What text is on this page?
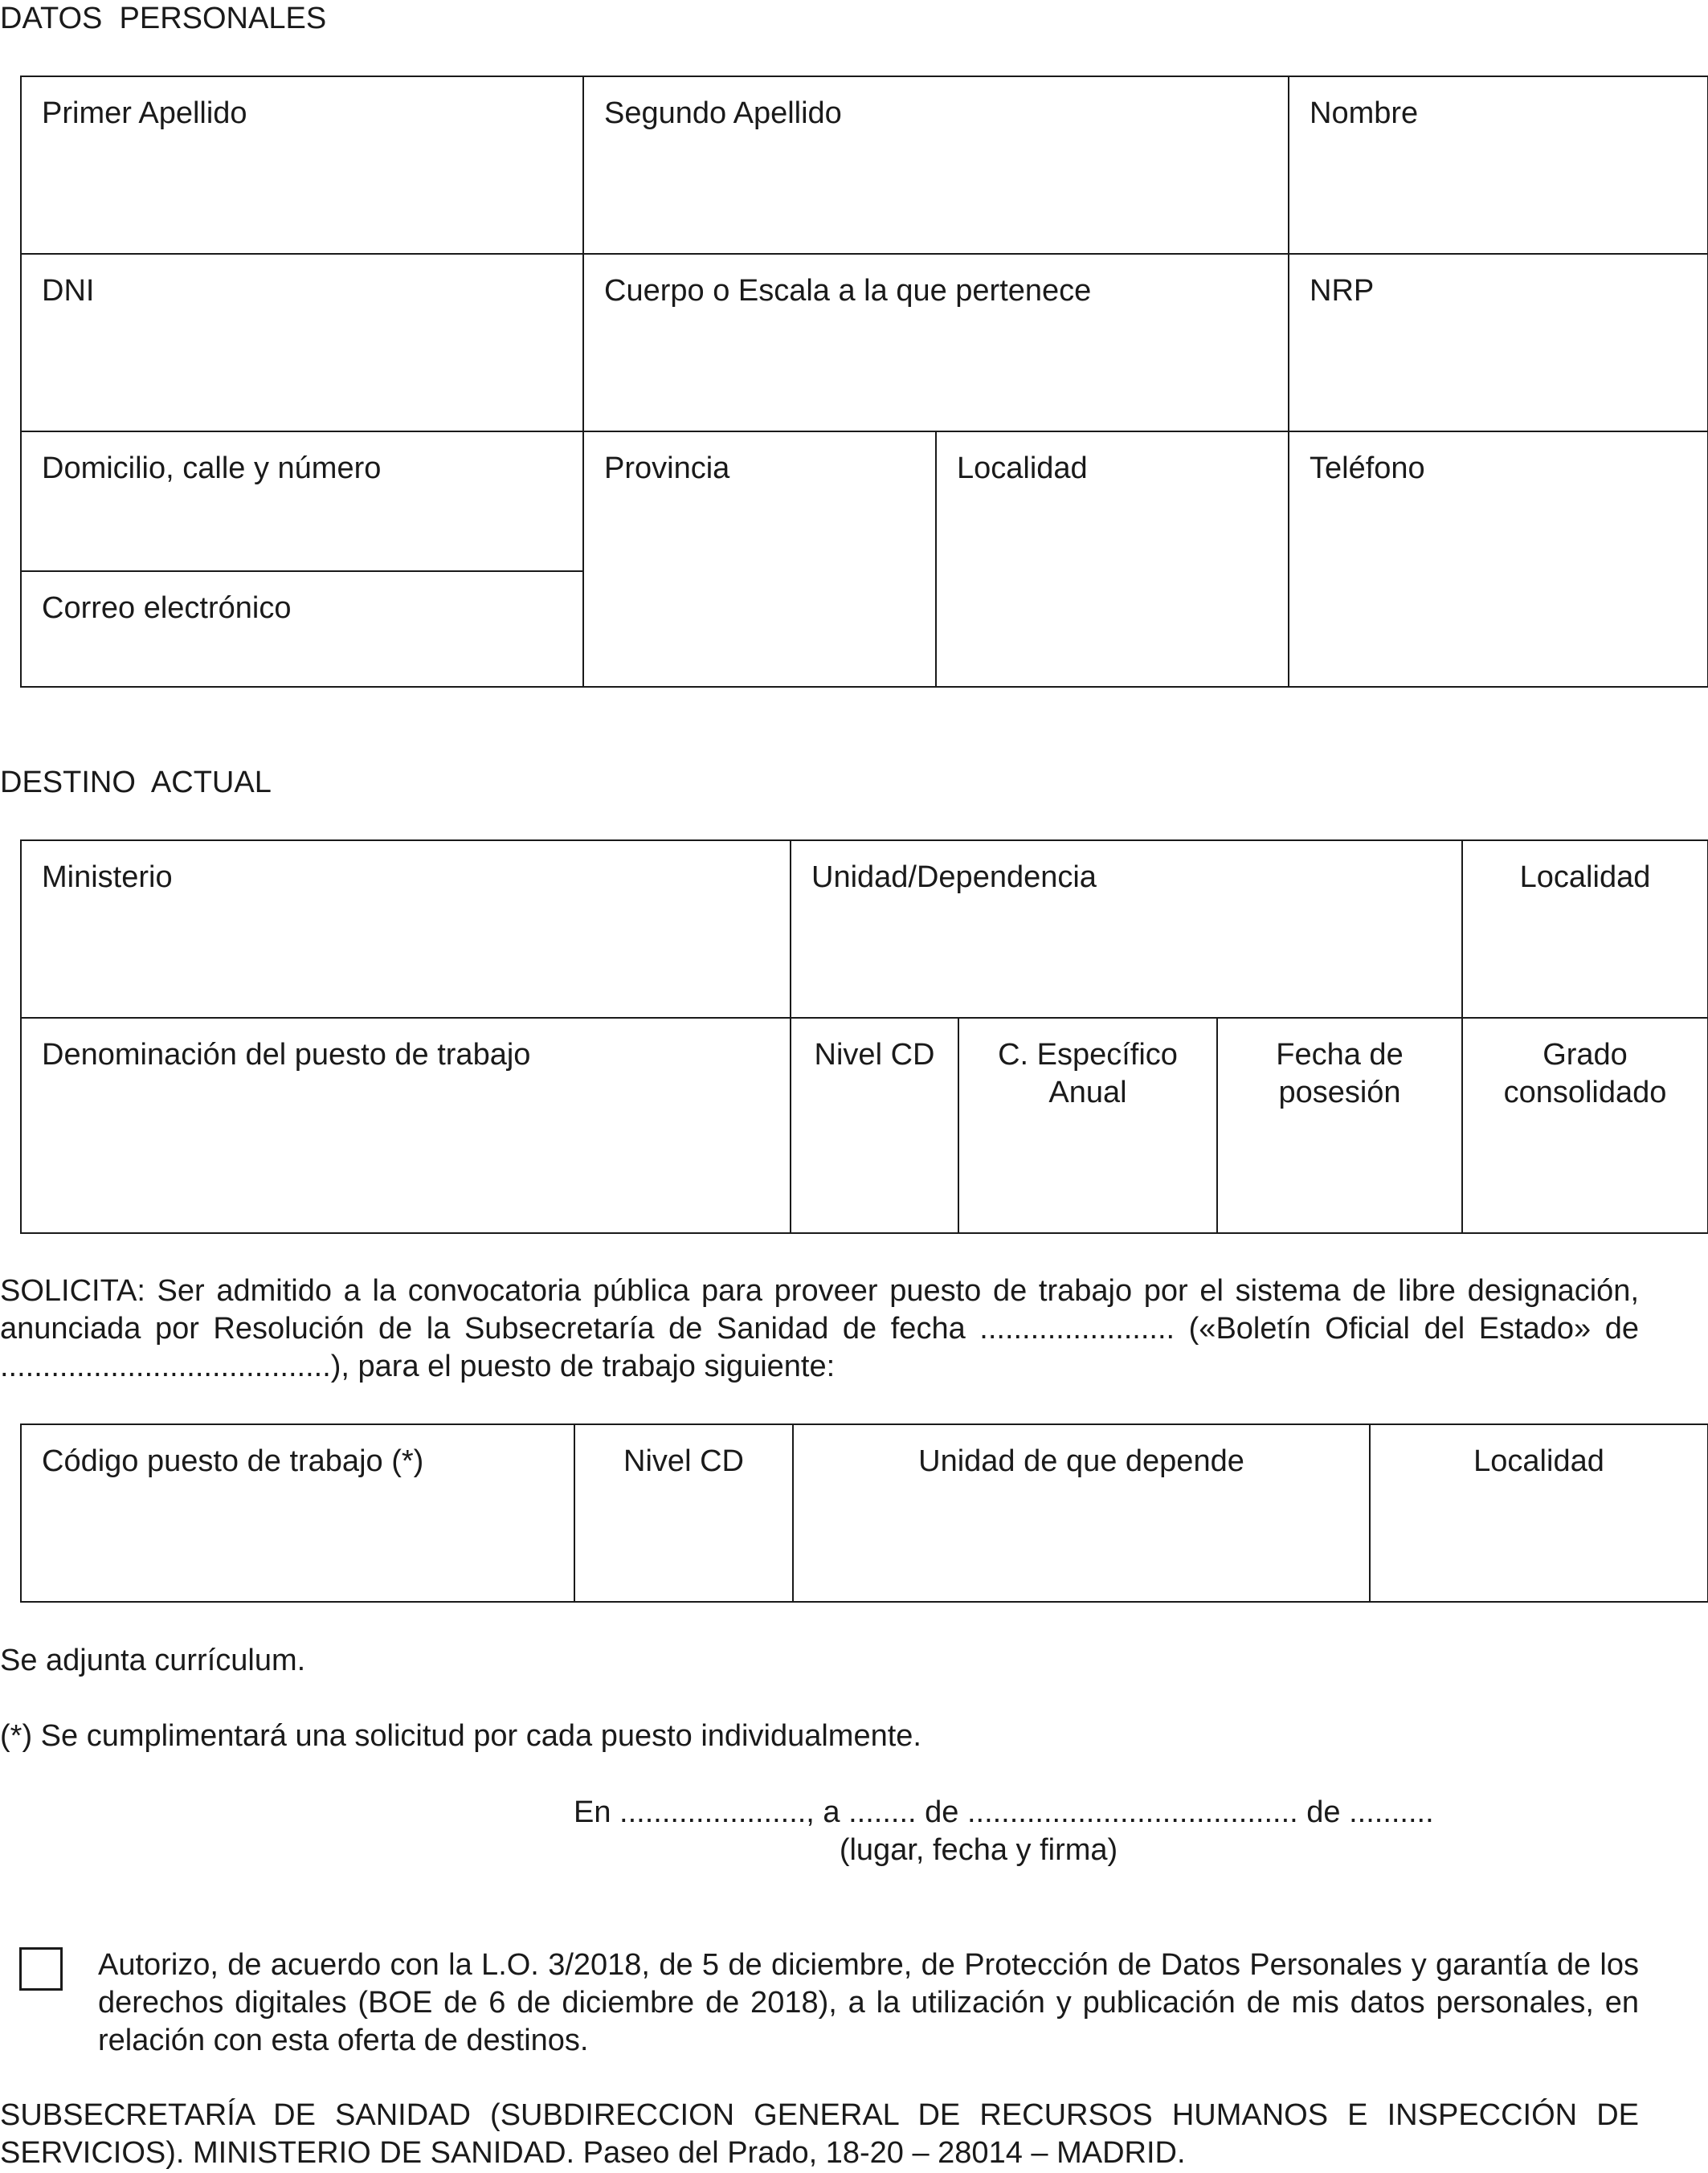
DATOS  PERSONALES
Primer Apellido	Segundo Apellido		Nombre

DNI	Cuerpo o Escala a la que pertenece		NRP

Domicilio, calle y número	Provincia	Localidad	Teléfono

Correo electrónico			
DESTINO  ACTUAL
Ministerio	Unidad/Dependencia			Localidad

Denominación del puesto de trabajo	Nivel CD	C. Específico Anual	Fecha de posesión	Grado consolidado
SOLICITA: Ser admitido a la convocatoria pública para proveer puesto de trabajo por el sistema de libre designación, anunciada por Resolución de la Subsecretaría de Sanidad de fecha ....................... («Boletín Oficial del Estado» de .......................................), para el puesto de trabajo siguiente:
Código puesto de trabajo (*)	Nivel CD	Unidad de que depende	Localidad
Se adjunta currículum.
(*) Se cumplimentará una solicitud por cada puesto individualmente.
En ......................, a ........ de ....................................... de ..........
(lugar, fecha y firma)
Autorizo, de acuerdo con la L.O. 3/2018, de 5 de diciembre, de Protección de Datos Personales y garantía de los derechos digitales (BOE de 6 de diciembre de 2018), a la utilización y publicación de mis datos personales, en relación con esta oferta de destinos.
SUBSECRETARÍA DE SANIDAD (SUBDIRECCION GENERAL DE RECURSOS HUMANOS E INSPECCIÓN DE SERVICIOS). MINISTERIO DE SANIDAD. Paseo del Prado, 18-20 – 28014 – MADRID.
